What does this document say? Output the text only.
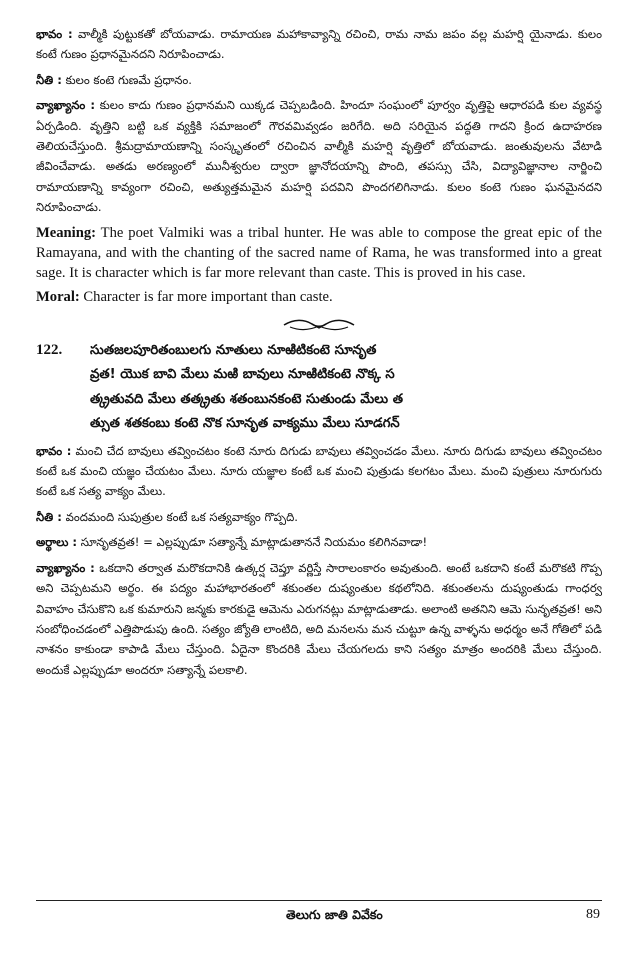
భావం : వాల్మీకి పుట్టుకతో బోయవాడు. రామాయణ మహాకావ్యాన్ని రచించి, రామ నామ జపం వల్ల మహర్షి యైనాడు. కులం కంటే గుణం ప్రధానమైనదని నిరూపించాడు.

నీతి : కులం కంటె గుణమే ప్రధానం.

వ్యాఖ్యానం : కులం కాదు గుణం ప్రధానమని యిక్కడ చెప్పబడింది. హిందూ సంఘంలో పూర్వం వృత్తిపై ఆధారపడి కుల వ్యవస్థ ఏర్పడింది. వృత్తిని బట్టి ఒక వ్యక్తికి సమాజంలో గౌరవమివ్వడం జరిగేది. అది సరియైన పద్ధతి గాదని క్రింద ఉదాహరణ తెలియచేస్తుంది. శ్రీమద్రామాయణాన్ని సంస్కృతంలో రచించిన వాల్మీకి మహర్షి వృత్తిలో బోయవాడు. జంతువులను వేటాడి జీవించేవాడు. అతడు అరణ్యంలో మునీశ్వరుల ద్వారా జ్ఞానోదయాన్ని పొంది, తపస్సు చేసి, విద్యావిజ్ఞానాల నార్జించి రామాయణాన్ని కావ్యంగా రచించి, అత్యుత్తమమైన మహర్షి పదవిని పొందగలిగినాడు. కులం కంటె గుణం ఘనమైనదని నిరూపించాడు.

Meaning: The poet Valmiki was a tribal hunter. He was able to compose the great epic of the Ramayana, and with the chanting of the sacred name of Rama, he was transformed into a great sage. It is character which is far more relevant than caste. This is proved in his case.

Moral: Character is far more important than caste.

122.	సుతజలపూరితంబులగు నూతులు నూఱిటికంటె సూనృత
వ్రత! యొక బావి మేలు మఱి బావులు నూఱిటికంటె నొక్క స
త్క్రతువది మేలు తత్క్రతు శతంబునకంటె సుతుండు మేలు త
త్సుత శతకంబు కంటె నొక సూనృత వాక్యము మేలు సూడగన్

భావం : మంచి చేద బావులు తవ్వించటం కంటె నూరు దిగుడు బావులు తవ్వించడం మేలు. నూరు దిగుడు బావులు తవ్వించటం కంటే ఒక మంచి యజ్ఞం చేయటం మేలు. నూరు యజ్ఞాల కంటే ఒక మంచి పుత్రుడు కలగటం మేలు. మంచి పుత్రులు నూరుగురు కంటే ఒక సత్య వాక్యం మేలు.

నీతి : వందమంది సుపుత్రుల కంటే ఒక సత్యవాక్యం గొప్పది.

అర్థాలు : సూనృతవ్రత! = ఎల్లప్పుడూ సత్యాన్నే మాట్లాడుతాననే నియమం కలిగినవాడా!

వ్యాఖ్యానం : ఒకదాని తర్వాత మరొకదానికి ఉత్కర్ష చెప్తూ వర్ణిస్తే సారాలంకారం అవుతుంది. అంటే ఒకదాని కంటే మరొకటి గొప్ప అని చెప్పటమని అర్థం. ఈ పద్యం మహాభారతంలో శకుంతల దుష్యంతుల కథలోనిది. శకుంతలను దుష్యంతుడు గాంధర్వ వివాహం చేసుకొని ఒక కుమారుని జన్మకు కారకుడై ఆమెను ఎరుగనట్లు మాట్లాడుతాడు. అలాంటి అతనిని ఆమె సునృతవ్రత! అని సంబోధించడంలో ఎత్తిపొడుపు ఉంది. సత్యం జ్యోతి లాంటిది, అది మనలను మన చుట్టూ ఉన్న వాళ్ళను అధర్మం అనే గోతిలో పడి నాశనం కాకుండా కాపాడి మేలు చేస్తుంది. ఏదైనా కొందరికి మేలు చేయగలదు కాని సత్యం మాత్రం అందరికి మేలు చేస్తుంది. అందుకే ఎల్లప్పుడూ అందరూ సత్యాన్నే పలకాలి.

తెలుగు జాతి వివేకం	89
